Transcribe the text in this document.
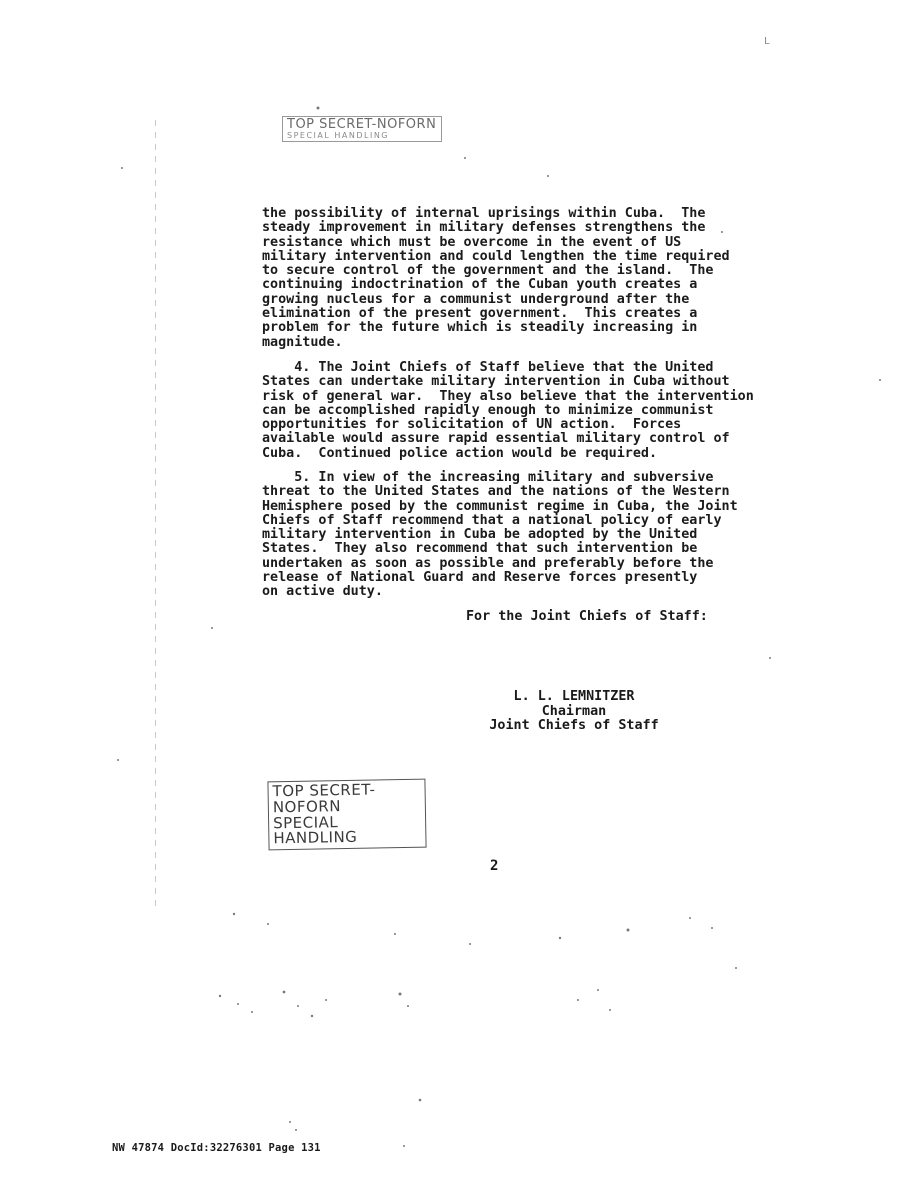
L
TOP SECRET-NOFORN
SPECIAL HANDLING
the possibility of internal uprisings within Cuba.  The
steady improvement in military defenses strengthens the
resistance which must be overcome in the event of US
military intervention and could lengthen the time required
to secure control of the government and the island.  The
continuing indoctrination of the Cuban youth creates a
growing nucleus for a communist underground after the
elimination of the present government.  This creates a
problem for the future which is steadily increasing in
magnitude.
4. The Joint Chiefs of Staff believe that the United
States can undertake military intervention in Cuba without
risk of general war.  They also believe that the intervention
can be accomplished rapidly enough to minimize communist
opportunities for solicitation of UN action.  Forces
available would assure rapid essential military control of
Cuba.  Continued police action would be required.
5. In view of the increasing military and subversive
threat to the United States and the nations of the Western
Hemisphere posed by the communist regime in Cuba, the Joint
Chiefs of Staff recommend that a national policy of early
military intervention in Cuba be adopted by the United
States.  They also recommend that such intervention be
undertaken as soon as possible and preferably before the
release of National Guard and Reserve forces presently
on active duty.
For the Joint Chiefs of Staff:
L. L. LEMNITZER
Chairman
Joint Chiefs of Staff
TOP SECRET-NOFORN
SPECIAL HANDLING
2
NW 47874 DocId:32276301 Page 131
